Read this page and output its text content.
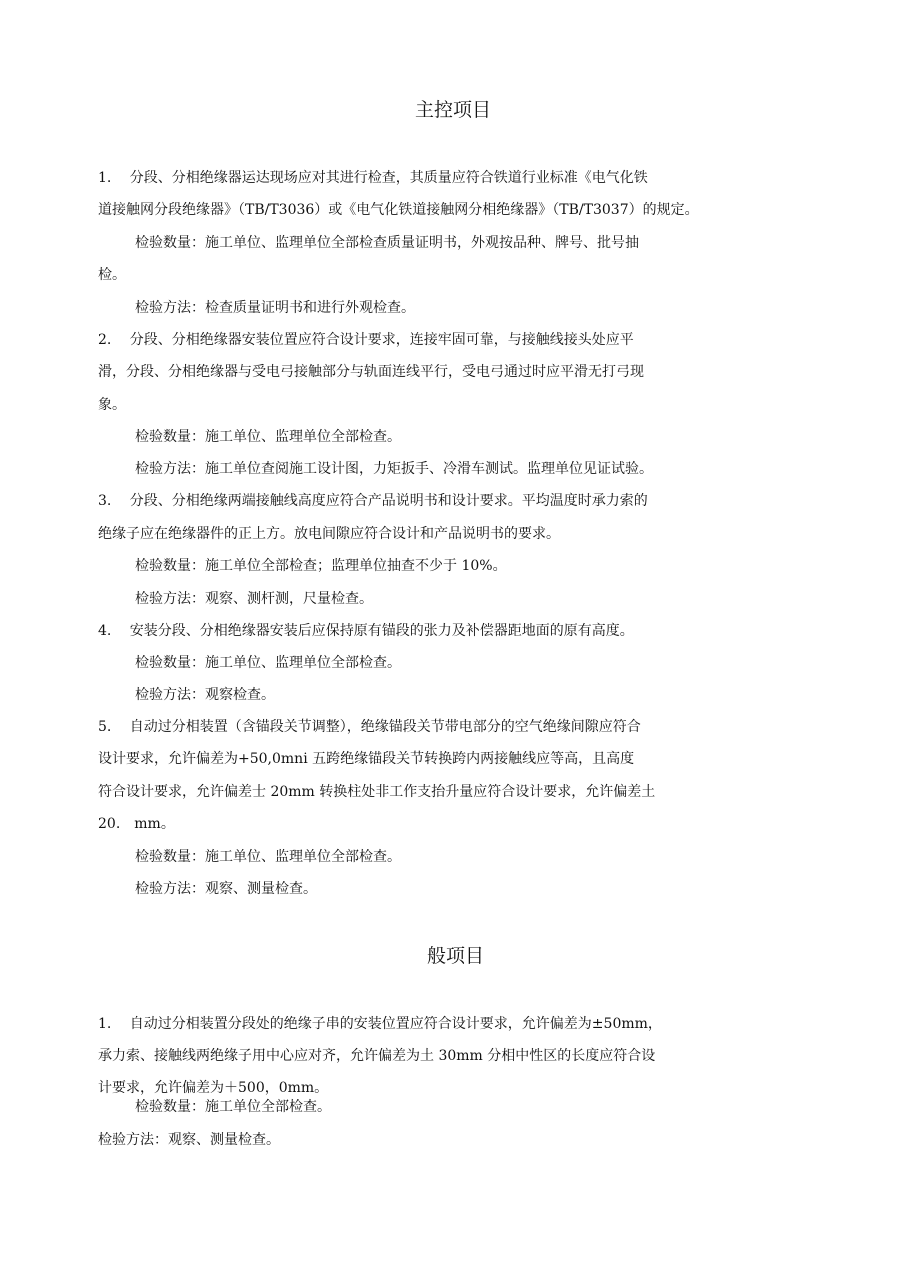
主控项目
1.　 分段、分相绝缘器运达现场应对其进行检查，其质量应符合铁道行业标准《电气化铁
道接触网分段绝缘器》（TB/T3036）或《电气化铁道接触网分相绝缘器》（TB/T3037）的规定。
检验数量：施工单位、监理单位全部检查质量证明书，外观按品种、牌号、批号抽
检。
检验方法：检查质量证明书和进行外观检查。
2.　 分段、分相绝缘器安装位置应符合设计要求，连接牢固可靠，与接触线接头处应平
滑，分段、分相绝缘器与受电弓接触部分与轨面连线平行，受电弓通过时应平滑无打弓现
象。
检验数量：施工单位、监理单位全部检查。
检验方法：施工单位查阅施工设计图，力矩扳手、冷滑车测试。监理单位见证试验。
3.　 分段、分相绝缘两端接触线高度应符合产品说明书和设计要求。平均温度时承力索的
绝缘子应在绝缘器件的正上方。放电间隙应符合设计和产品说明书的要求。
检验数量：施工单位全部检查；监理单位抽查不少于 10%。
检验方法：观察、测杆测，尺量检查。
4.　 安装分段、分相绝缘器安装后应保持原有锚段的张力及补偿器距地面的原有高度。
检验数量：施工单位、监理单位全部检查。
检验方法：观察检查。
5.　 自动过分相装置（含锚段关节调整），绝缘锚段关节带电部分的空气绝缘间隙应符合
设计要求，允许偏差为+50,0mni 五跨绝缘锚段关节转换跨内两接触线应等高，且高度
符合设计要求，允许偏差士 20mm 转换柱处非工作支抬升量应符合设计要求，允许偏差土
20.　mm。
检验数量：施工单位、监理单位全部检查。
检验方法：观察、测量检查。
般项目
1.　 自动过分相装置分段处的绝缘子串的安装位置应符合设计要求，允许偏差为±50mm，
承力索、接触线两绝缘子用中心应对齐，允许偏差为土 30mm 分相中性区的长度应符合设
计要求，允许偏差为＋500，0mm。
检验数量：施工单位全部检查。
检验方法：观察、测量检查。
